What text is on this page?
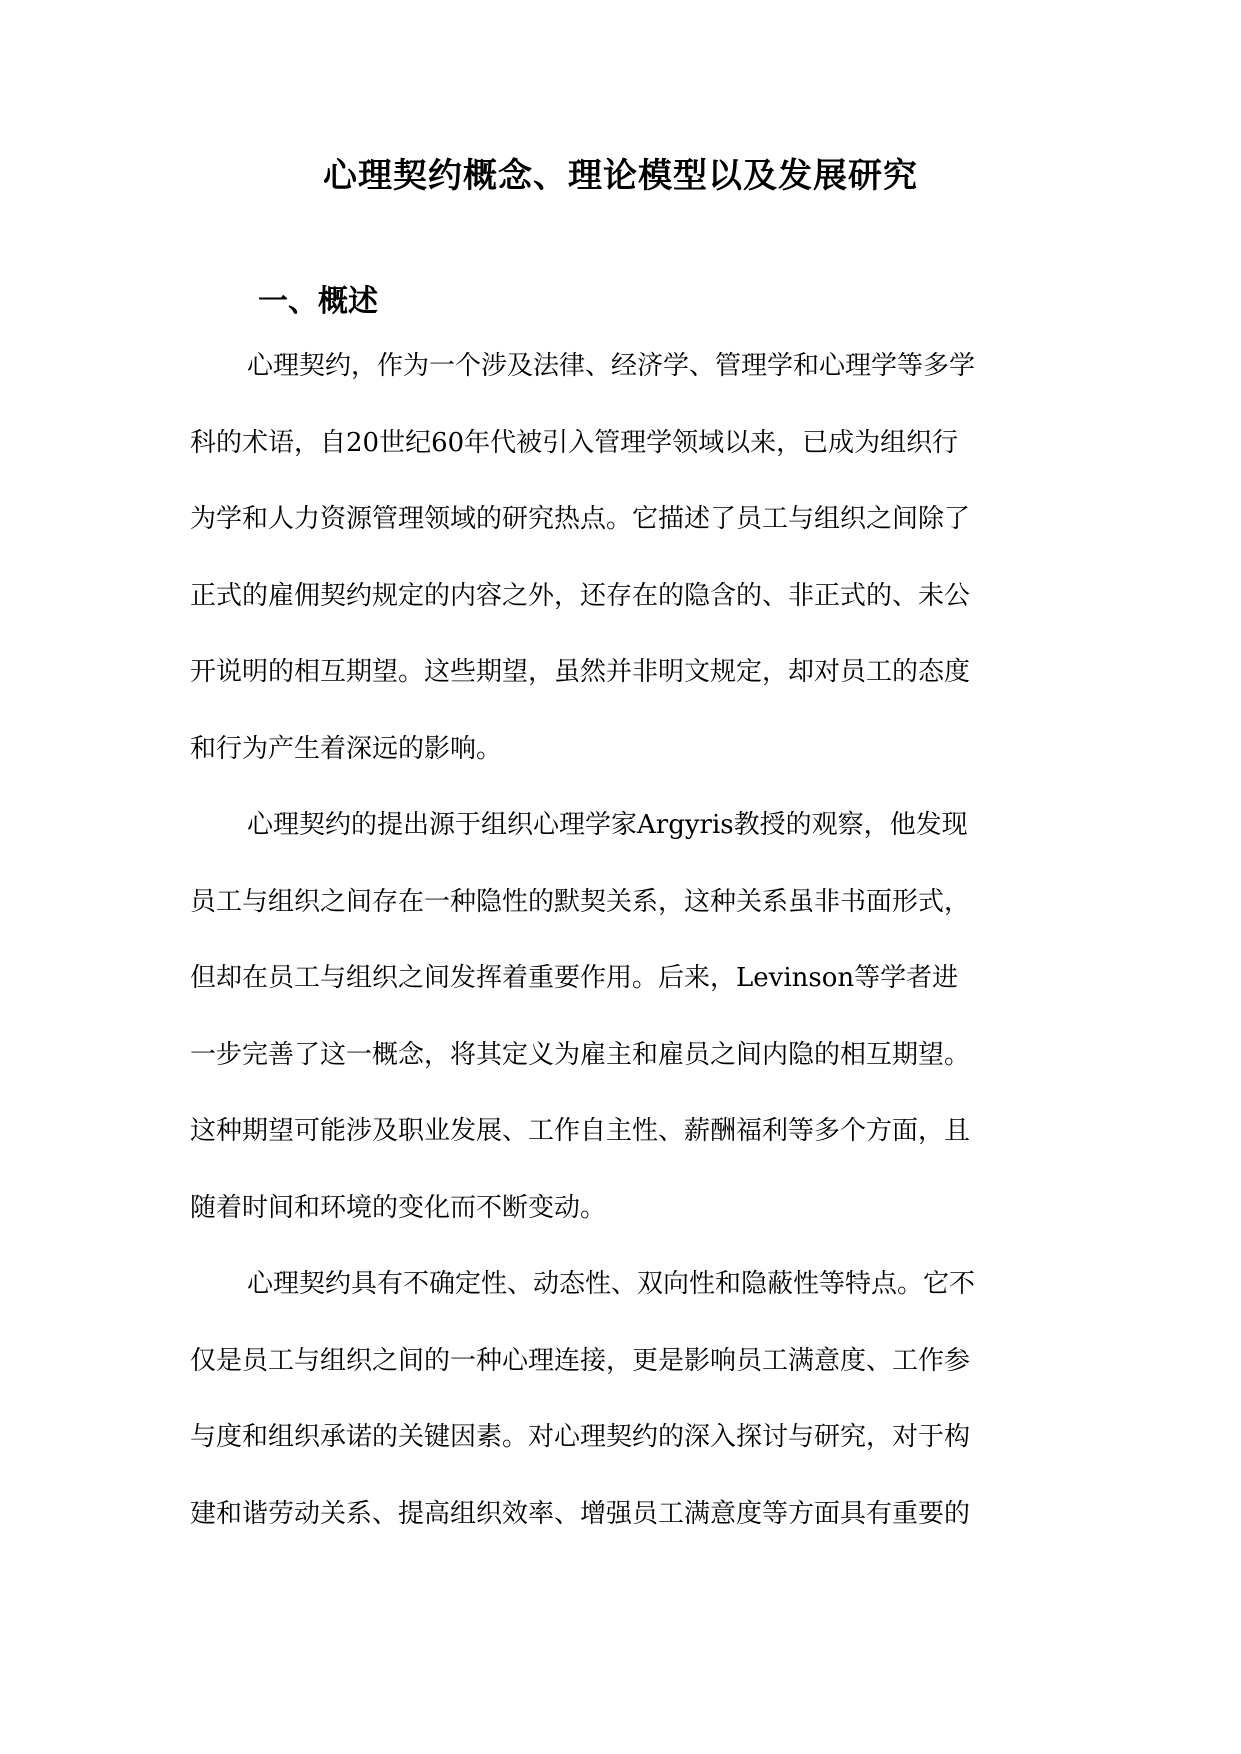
心理契约概念、理论模型以及发展研究
一、概述
心理契约，作为一个涉及法律、经济学、管理学和心理学等多学
科的术语，自20世纪60年代被引入管理学领域以来，已成为组织行
为学和人力资源管理领域的研究热点。它描述了员工与组织之间除了
正式的雇佣契约规定的内容之外，还存在的隐含的、非正式的、未公
开说明的相互期望。这些期望，虽然并非明文规定，却对员工的态度
和行为产生着深远的影响。
心理契约的提出源于组织心理学家Argyris教授的观察，他发现
员工与组织之间存在一种隐性的默契关系，这种关系虽非书面形式，
但却在员工与组织之间发挥着重要作用。后来，Levinson等学者进
一步完善了这一概念，将其定义为雇主和雇员之间内隐的相互期望。
这种期望可能涉及职业发展、工作自主性、薪酬福利等多个方面，且
随着时间和环境的变化而不断变动。
心理契约具有不确定性、动态性、双向性和隐蔽性等特点。它不
仅是员工与组织之间的一种心理连接，更是影响员工满意度、工作参
与度和组织承诺的关键因素。对心理契约的深入探讨与研究，对于构
建和谐劳动关系、提高组织效率、增强员工满意度等方面具有重要的
